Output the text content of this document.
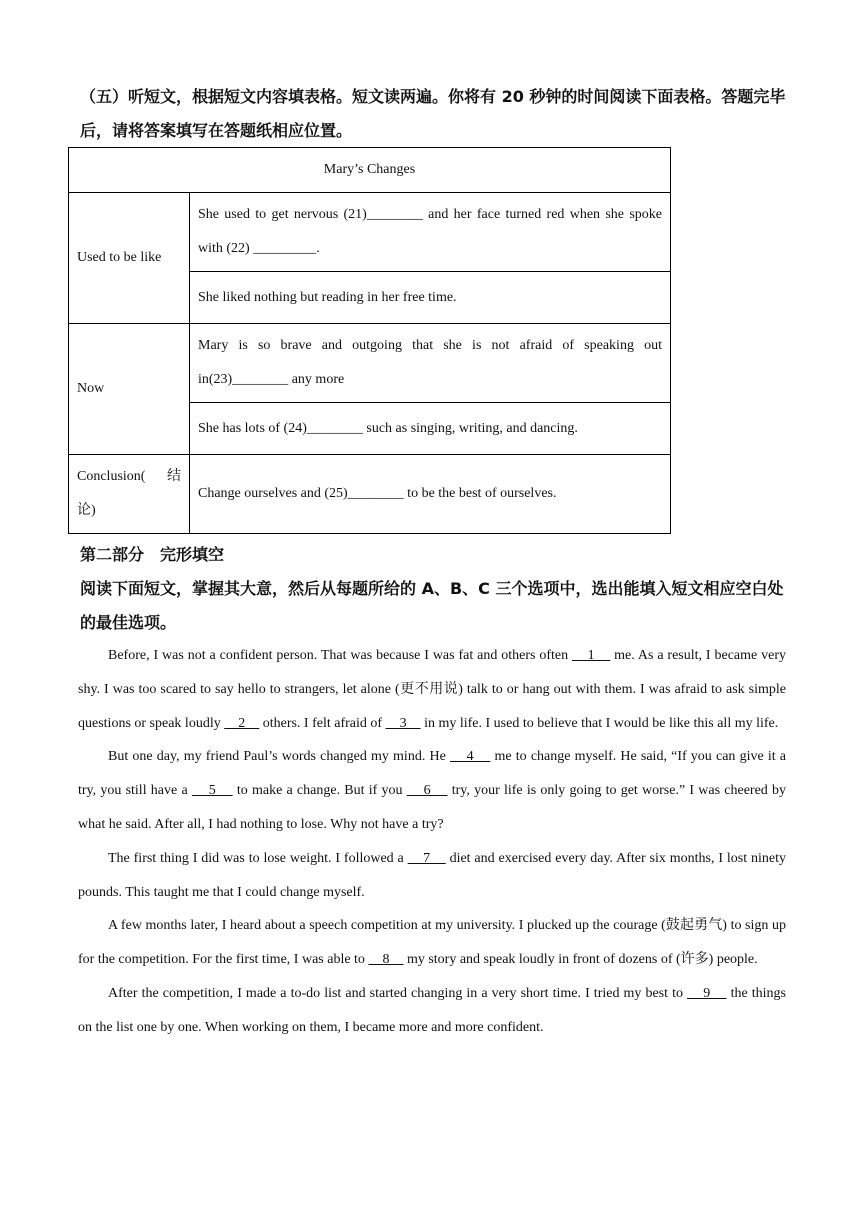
（五）听短文，根据短文内容填表格。短文读两遍。你将有 20 秒钟的时间阅读下面表格。答题完毕后，请将答案填写在答题纸相应位置。
Mary’s Changes	
Used to be like	She used to get nervous (21)________ and her face turned red when she spoke with (22) _________.
	She liked nothing but reading in her free time.
Now	Mary is so brave and outgoing that she is not afraid of speaking out in(23)________ any more
	She has lots of (24)________ such as singing, writing, and dancing.
Conclusion( 结论)	Change ourselves and (25)________ to be the best of ourselves.
第二部分　完形填空
阅读下面短文，掌握其大意，然后从每题所给的 A、B、C 三个选项中，选出能填入短文相应空白处的最佳选项。

Before, I was not a confident person. That was because I was fat and others often     1     me. As a result, I became very shy. I was too scared to say hello to strangers, let alone (更不用说) talk to or hang out with them. I was afraid to ask simple questions or speak loudly     2     others. I felt afraid of     3     in my life. I used to believe that I would be like this all my life.

But one day, my friend Paul’s words changed my mind. He     4     me to change myself. He said, “If you can give it a try, you still have a     5     to make a change. But if you     6     try, your life is only going to get worse.” I was cheered by what he said. After all, I had nothing to lose. Why not have a try?

The first thing I did was to lose weight. I followed a     7     diet and exercised every day. After six months, I lost ninety pounds. This taught me that I could change myself.

A few months later, I heard about a speech competition at my university. I plucked up the courage (鼓起勇气) to sign up for the competition. For the first time, I was able to     8     my story and speak loudly in front of dozens of (许多) people.

After the competition, I made a to-do list and started changing in a very short time. I tried my best to     9     the things on the list one by one. When working on them, I became more and more confident.
